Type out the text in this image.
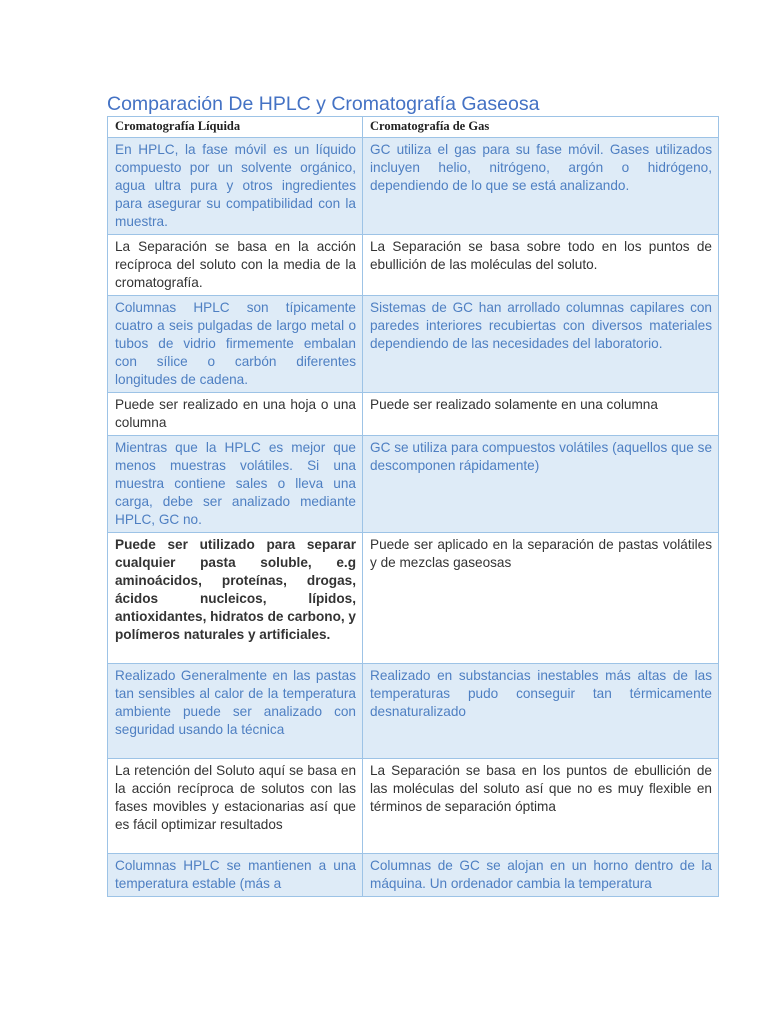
Comparación De HPLC y Cromatografía Gaseosa
Cromatografía Líquida	Cromatografía de Gas
En HPLC, la fase móvil es un líquido compuesto por un solvente orgánico, agua ultra pura y otros ingredientes para asegurar su compatibilidad con la muestra.	GC utiliza el gas para su fase móvil. Gases utilizados incluyen helio, nitrógeno, argón o hidrógeno, dependiendo de lo que se está analizando.
La Separación se basa en la acción recíproca del soluto con la media de la cromatografía.	La Separación se basa sobre todo en los puntos de ebullición de las moléculas del soluto.
Columnas HPLC son típicamente cuatro a seis pulgadas de largo metal o tubos de vidrio firmemente embalan con sílice o carbón diferentes longitudes de cadena.	Sistemas de GC han arrollado columnas capilares con paredes interiores recubiertas con diversos materiales dependiendo de las necesidades del laboratorio.
Puede ser realizado en una hoja o una columna	Puede ser realizado solamente en una columna
Mientras que la HPLC es mejor que menos muestras volátiles. Si una muestra contiene sales o lleva una carga, debe ser analizado mediante HPLC, GC no.	GC se utiliza para compuestos volátiles (aquellos que se descomponen rápidamente)
Puede ser utilizado para separar cualquier pasta soluble, e.g aminoácidos, proteínas, drogas, ácidos nucleicos, lípidos, antioxidantes, hidratos de carbono, y polímeros naturales y artificiales.	Puede ser aplicado en la separación de pastas volátiles y de mezclas gaseosas
Realizado Generalmente en las pastas tan sensibles al calor de la temperatura ambiente puede ser analizado con seguridad usando la técnica	Realizado en substancias inestables más altas de las temperaturas pudo conseguir tan térmicamente desnaturalizado
La retención del Soluto aquí se basa en la acción recíproca de solutos con las fases movibles y estacionarias así que es fácil optimizar resultados	La Separación se basa en los puntos de ebullición de las moléculas del soluto así que no es muy flexible en términos de separación óptima
Columnas HPLC se mantienen a una temperatura estable (más a	Columnas de GC se alojan en un horno dentro de la máquina. Un ordenador cambia la temperatura
